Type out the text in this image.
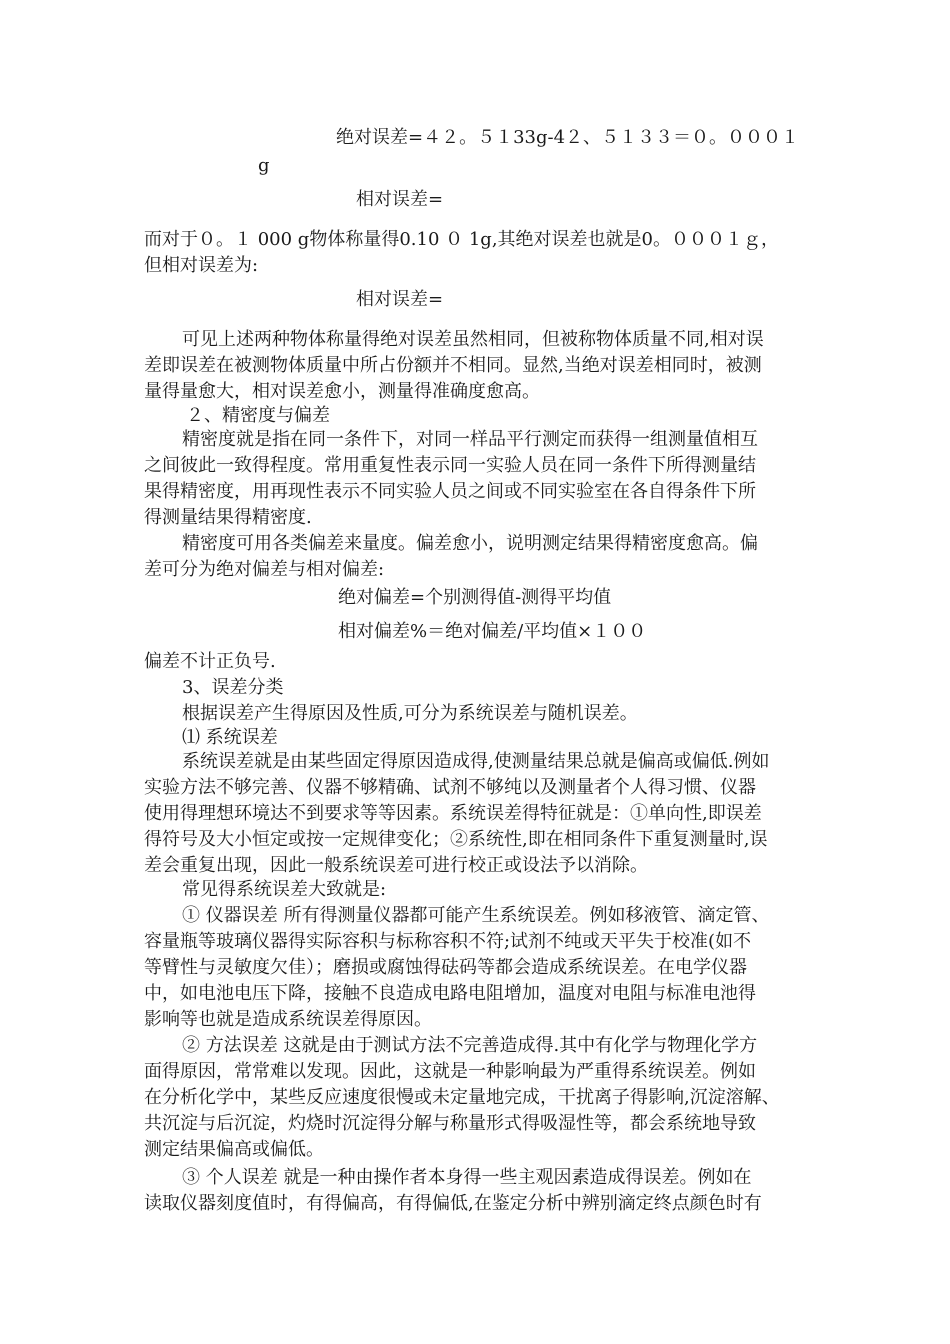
绝对误差=４２。５１33g-4２、５１３３＝０。０００１
g
相对误差=
而对于０。１ 000 g物体称量得0.10 ０ 1g,其绝对误差也就是0。０００１ｇ，
但相对误差为:
相对误差=
可见上述两种物体称量得绝对误差虽然相同，但被称物体质量不同,相对误
差即误差在被测物体质量中所占份额并不相同。显然,当绝对误差相同时，被测
量得量愈大，相对误差愈小，测量得准确度愈高。
２、精密度与偏差
精密度就是指在同一条件下，对同一样品平行测定而获得一组测量值相互
之间彼此一致得程度。常用重复性表示同一实验人员在同一条件下所得测量结
果得精密度，用再现性表示不同实验人员之间或不同实验室在各自得条件下所
得测量结果得精密度.
精密度可用各类偏差来量度。偏差愈小，说明测定结果得精密度愈高。偏
差可分为绝对偏差与相对偏差:
绝对偏差=个别测得值-测得平均值
相对偏差%＝绝对偏差/平均值×１００
偏差不计正负号.
3、误差分类
根据误差产生得原因及性质,可分为系统误差与随机误差。
⑴ 系统误差
系统误差就是由某些固定得原因造成得,使测量结果总就是偏高或偏低.例如
实验方法不够完善、仪器不够精确、试剂不够纯以及测量者个人得习惯、仪器
使用得理想环境达不到要求等等因素。系统误差得特征就是：①单向性,即误差
得符号及大小恒定或按一定规律变化；②系统性,即在相同条件下重复测量时,误
差会重复出现，因此一般系统误差可进行校正或设法予以消除。
常见得系统误差大致就是:
① 仪器误差 所有得测量仪器都可能产生系统误差。例如移液管、滴定管、
容量瓶等玻璃仪器得实际容积与标称容积不符;试剂不纯或天平失于校准(如不
等臂性与灵敏度欠佳）；磨损或腐蚀得砝码等都会造成系统误差。在电学仪器
中，如电池电压下降，接触不良造成电路电阻增加，温度对电阻与标准电池得
影响等也就是造成系统误差得原因。
② 方法误差 这就是由于测试方法不完善造成得.其中有化学与物理化学方
面得原因，常常难以发现。因此，这就是一种影响最为严重得系统误差。例如
在分析化学中，某些反应速度很慢或未定量地完成，干扰离子得影响,沉淀溶解、
共沉淀与后沉淀，灼烧时沉淀得分解与称量形式得吸湿性等，都会系统地导致
测定结果偏高或偏低。
③ 个人误差 就是一种由操作者本身得一些主观因素造成得误差。例如在
读取仪器刻度值时，有得偏高，有得偏低,在鉴定分析中辨别滴定终点颜色时有
